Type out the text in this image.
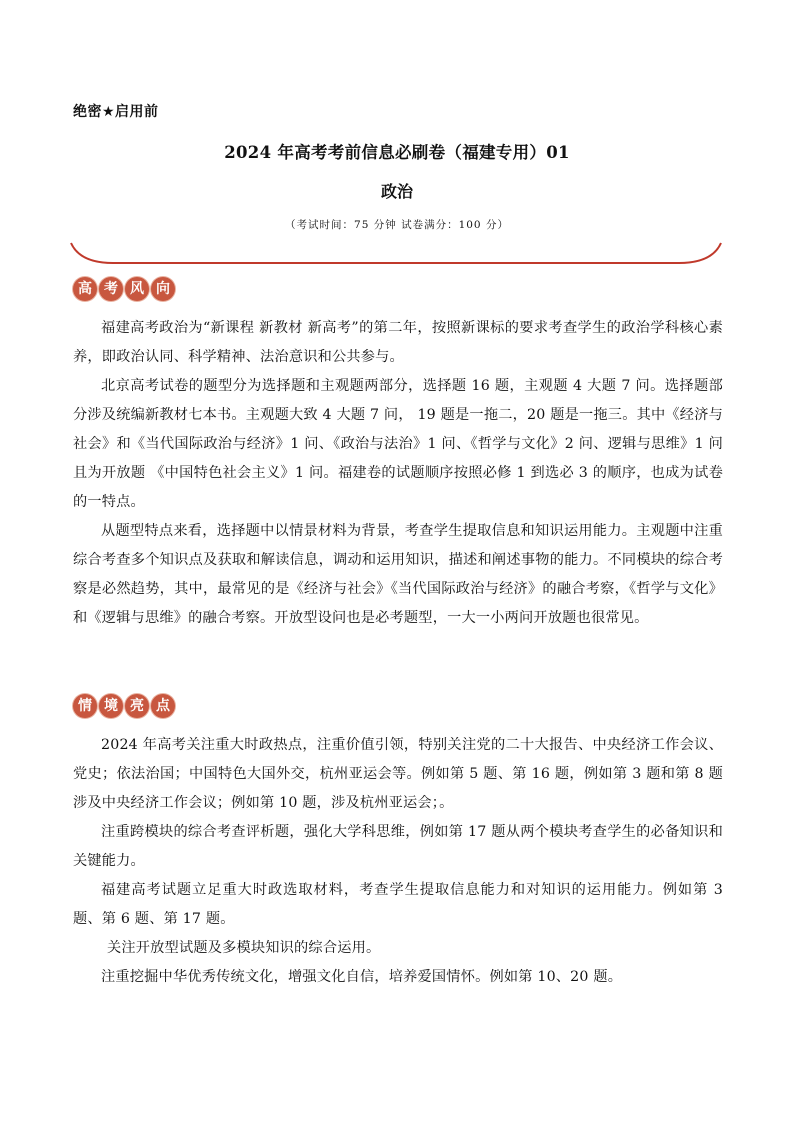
绝密★启用前
2024 年高考考前信息必刷卷（福建专用）01
政治
（考试时间：75 分钟 试卷满分：100 分）
高 考 风 向

福建高考政治为“新课程 新教材 新高考”的第二年，按照新课标的要求考查学生的政治学科核心素养，即政治认同、科学精神、法治意识和公共参与。

北京高考试卷的题型分为选择题和主观题两部分，选择题 16 题，主观题 4 大题 7 问。选择题部分涉及统编新教材七本书。主观题大致 4 大题 7 问， 19 题是一拖二，20 题是一拖三。其中《经济与社会》和《当代国际政治与经济》1 问、《政治与法治》1 问、《哲学与文化》2 问、逻辑与思维》1 问且为开放题 《中国特色社会主义》1 问。福建卷的试题顺序按照必修 1 到选必 3 的顺序，也成为试卷的一特点。

从题型特点来看，选择题中以情景材料为背景，考查学生提取信息和知识运用能力。主观题中注重综合考查多个知识点及获取和解读信息，调动和运用知识，描述和阐述事物的能力。不同模块的综合考察是必然趋势，其中，最常见的是《经济与社会》《当代国际政治与经济》的融合考察，《哲学与文化》和《逻辑与思维》的融合考察。开放型设问也是必考题型，一大一小两问开放题也很常见。

情 境 亮 点

2024 年高考关注重大时政热点，注重价值引领，特别关注党的二十大报告、中央经济工作会议、党史；依法治国；中国特色大国外交，杭州亚运会等。例如第 5 题、第 16 题，例如第 3 题和第 8 题涉及中央经济工作会议；例如第 10 题，涉及杭州亚运会；。

注重跨模块的综合考查评析题，强化大学科思维，例如第 17 题从两个模块考查学生的必备知识和关键能力。

福建高考试题立足重大时政选取材料，考查学生提取信息能力和对知识的运用能力。例如第 3 题、第 6 题、第 17 题。

关注开放型试题及多模块知识的综合运用。

注重挖掘中华优秀传统文化，增强文化自信，培养爱国情怀。例如第 10、20 题。
